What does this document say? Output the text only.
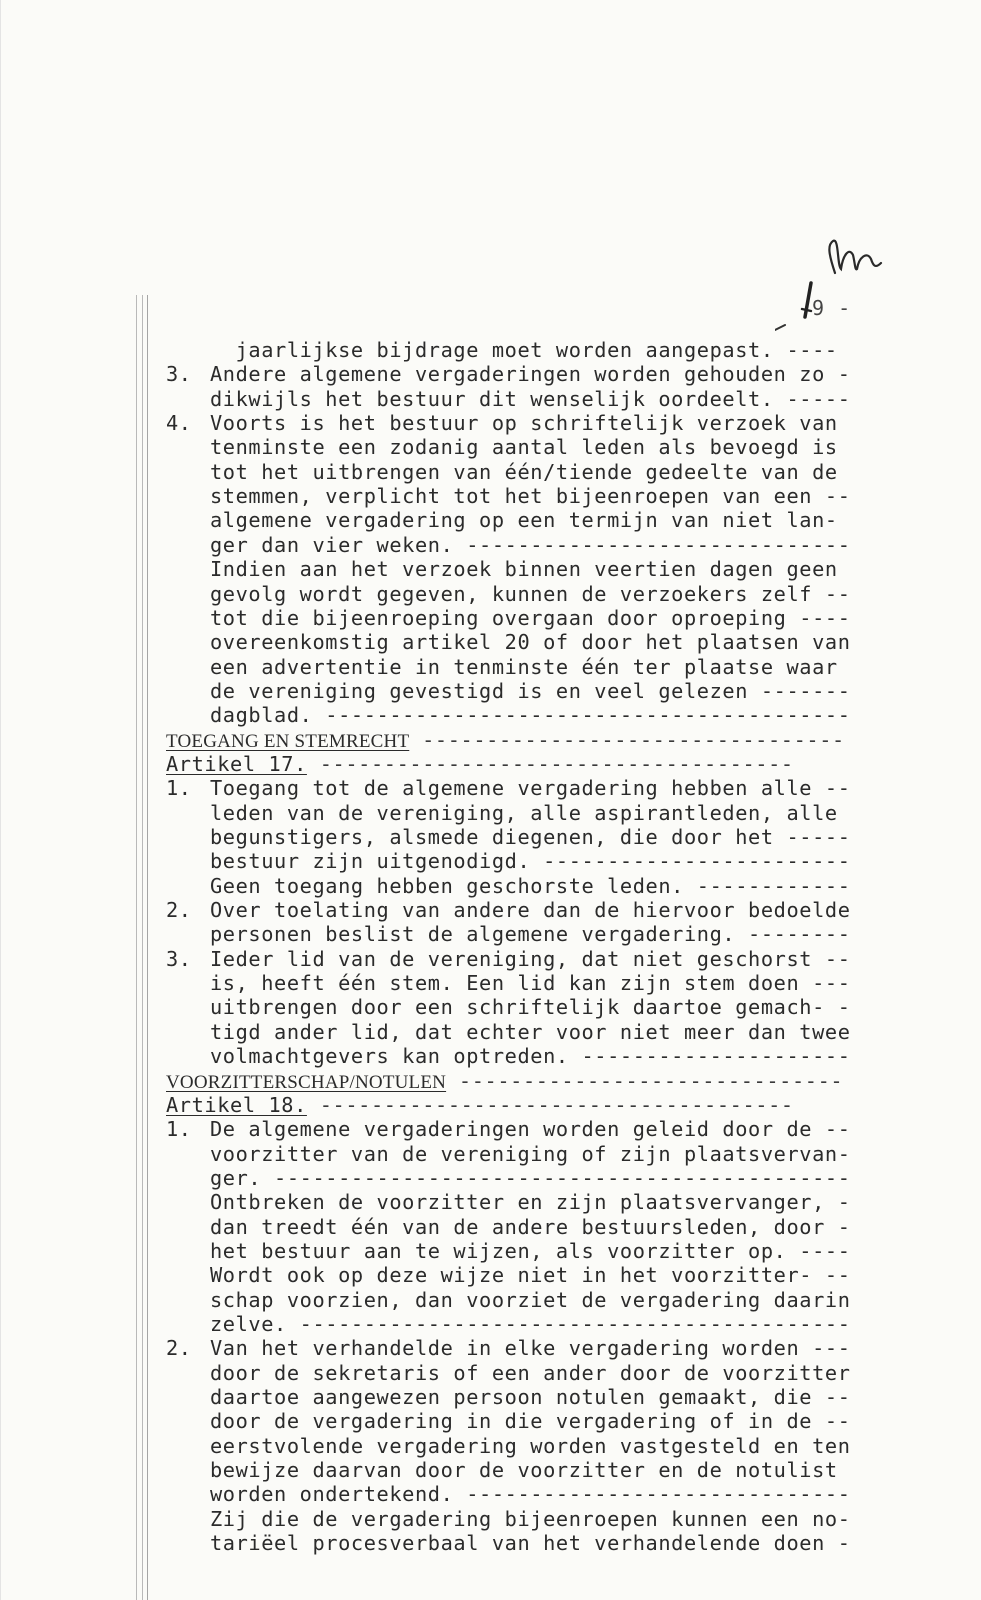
9 -
jaarlijkse bijdrage moet worden aangepast. ----
3. Andere algemene vergaderingen worden gehouden zo -
dikwijls het bestuur dit wenselijk oordeelt. -----
4. Voorts is het bestuur op schriftelijk verzoek van
tenminste een zodanig aantal leden als bevoegd is
tot het uitbrengen van één/tiende gedeelte van de
stemmen, verplicht tot het bijeenroepen van een --
algemene vergadering op een termijn van niet lan-
ger dan vier weken. ------------------------------
Indien aan het verzoek binnen veertien dagen geen
gevolg wordt gegeven, kunnen de verzoekers zelf --
tot die bijeenroeping overgaan door oproeping ----
overeenkomstig artikel 20 of door het plaatsen van
een advertentie in tenminste één ter plaatse waar
de vereniging gevestigd is en veel gelezen -------
dagblad. -----------------------------------------
TOEGANG EN STEMRECHT ---------------------------------
Artikel 17. -------------------------------------
1. Toegang tot de algemene vergadering hebben alle --
leden van de vereniging, alle aspirantleden, alle
begunstigers, alsmede diegenen, die door het -----
bestuur zijn uitgenodigd. ------------------------
Geen toegang hebben geschorste leden. ------------
2. Over toelating van andere dan de hiervoor bedoelde
personen beslist de algemene vergadering. --------
3. Ieder lid van de vereniging, dat niet geschorst --
is, heeft één stem. Een lid kan zijn stem doen ---
uitbrengen door een schriftelijk daartoe gemach- -
tigd ander lid, dat echter voor niet meer dan twee
volmachtgevers kan optreden. ---------------------
VOORZITTERSCHAP/NOTULEN ------------------------------
Artikel 18. -------------------------------------
1. De algemene vergaderingen worden geleid door de --
voorzitter van de vereniging of zijn plaatsvervan-
ger. ---------------------------------------------
Ontbreken de voorzitter en zijn plaatsvervanger, -
dan treedt één van de andere bestuursleden, door -
het bestuur aan te wijzen, als voorzitter op. ----
Wordt ook op deze wijze niet in het voorzitter- --
schap voorzien, dan voorziet de vergadering daarin
zelve. -------------------------------------------
2. Van het verhandelde in elke vergadering worden ---
door de sekretaris of een ander door de voorzitter
daartoe aangewezen persoon notulen gemaakt, die --
door de vergadering in die vergadering of in de --
eerstvolende vergadering worden vastgesteld en ten
bewijze daarvan door de voorzitter en de notulist
worden ondertekend. ------------------------------
Zij die de vergadering bijeenroepen kunnen een no-
tariëel procesverbaal van het verhandelende doen -
